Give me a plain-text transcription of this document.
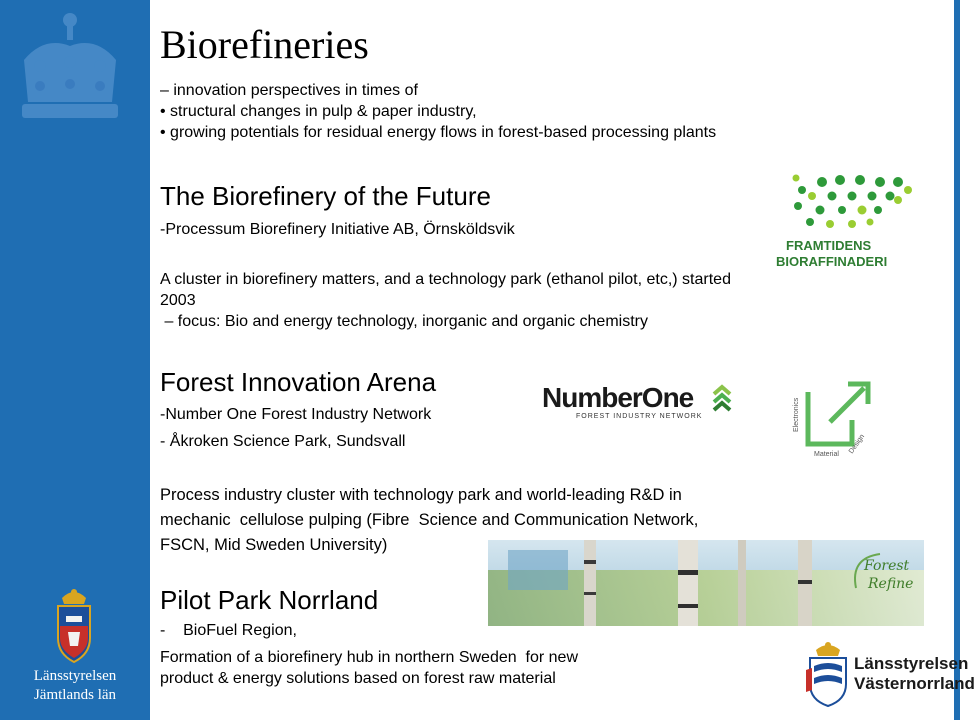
Länsstyrelsen
Jämtlands län
Biorefineries
– innovation perspectives in times of
• structural changes in pulp & paper industry,
• growing potentials for residual energy flows in forest-based processing plants
The Biorefinery of the Future
-Processum Biorefinery Initiative AB, Örnsköldsvik
A cluster in biorefinery matters, and a technology park (ethanol pilot, etc,) started
2003
– focus: Bio and energy technology, inorganic and organic chemistry
Forest Innovation Arena
-Number One Forest Industry Network
- Åkroken Science Park, Sundsvall
Process industry cluster with technology park and world-leading R&D in
mechanic  cellulose pulping (Fibre  Science and Communication Network,
FSCN, Mid Sweden University)
Pilot Park Norrland
-    BioFuel Region,
Formation of a biorefinery hub in northern Sweden  for new
product & energy solutions based on forest raw material
FRAMTIDENS
BIORAFFINADERI
NumberOne
FOREST INDUSTRY NETWORK	Electronics
Material Design
Forest
Refine
Länsstyrelsen
Västernorrland
